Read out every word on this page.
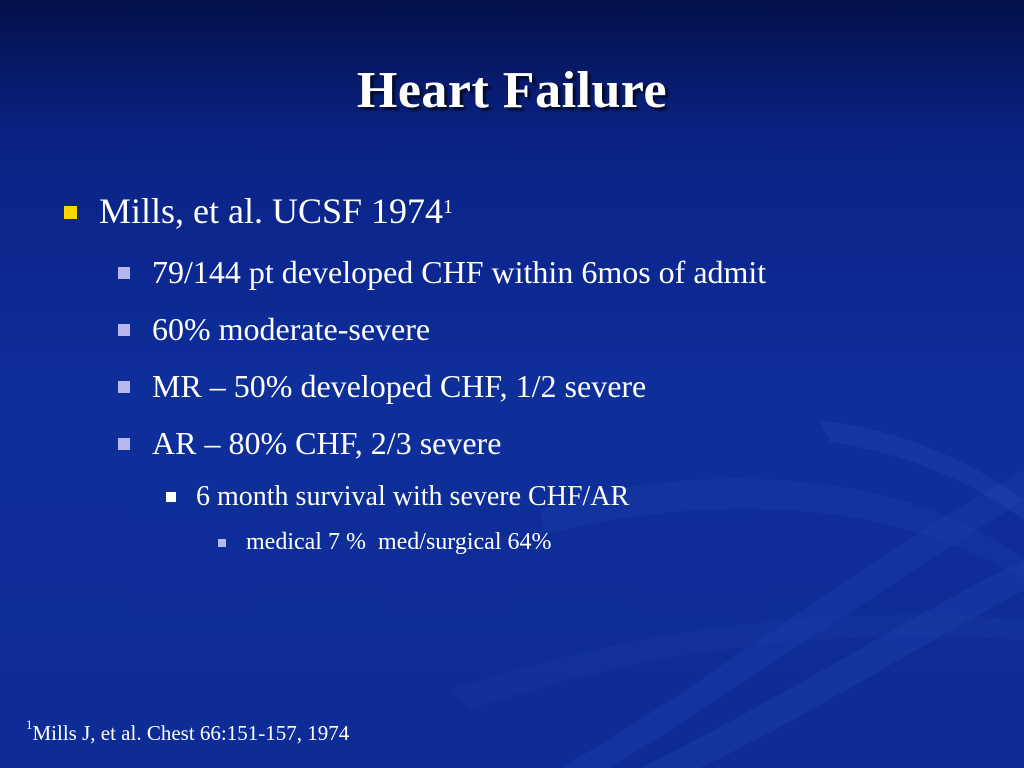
Heart Failure
Mills, et al. UCSF 1974$^1$
79/144 pt developed CHF within 6mos of admit
60% moderate-severe
MR – 50% developed CHF, 1/2 severe
AR – 80% CHF, 2/3 severe
6 month survival with severe CHF/AR
medical 7 %  med/surgical 64%
$^1$Mills J, et al. Chest 66:151-157, 1974
